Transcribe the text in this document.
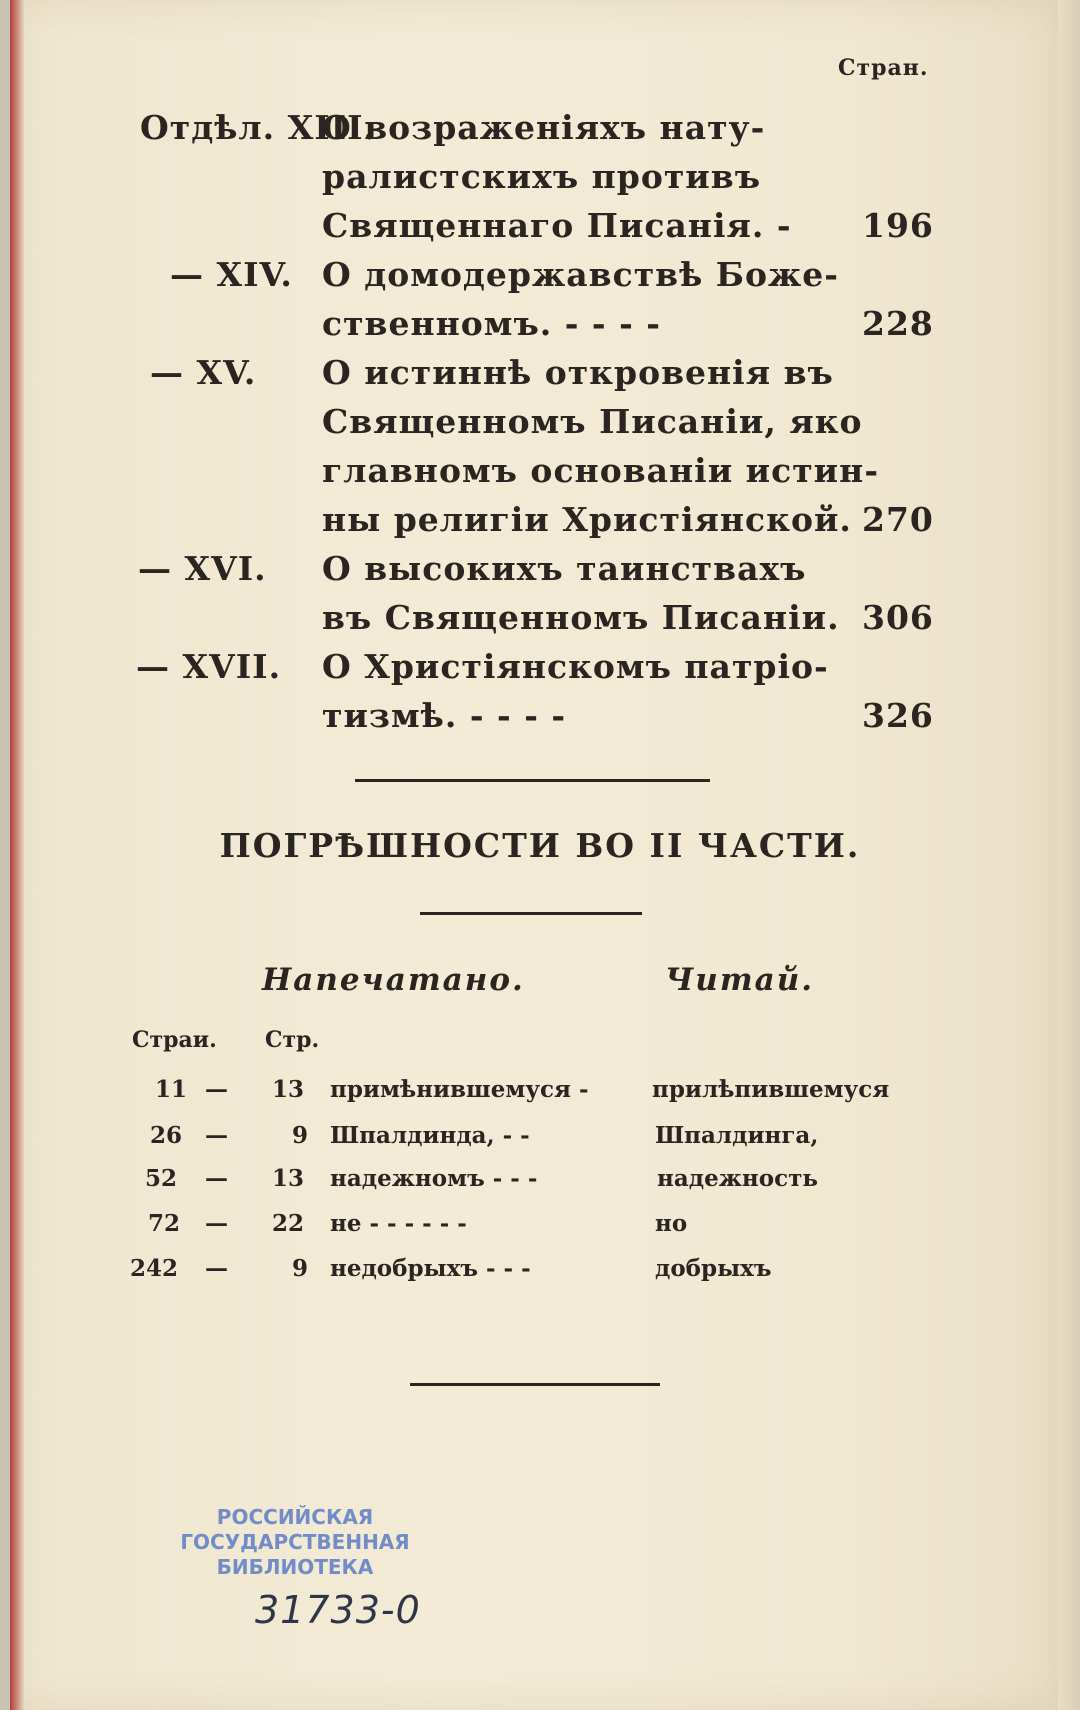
Стран.
Отдѣл. XIII.
О возраженіяхъ нату-
ралистскихъ противъ
Священнаго Писанія. - 196
— XIV. О домодержавствѣ Боже-
ственномъ. - - - -	228
— XV. О истиннѣ откровенія въ
Священномъ Писаніи, яко
главномъ основаніи истин-
ны религіи Христіянской. 270
— XVI. О высокихъ таинствахъ
въ Священномъ Писаніи. 306
— XVII. О Христіянскомъ патріо-
тизмѣ. - - - -	326
ПОГРѢШНОСТИ ВО II ЧАСТИ.
Напечатано.	Читай.
Страи. Стр.
11 — 13 примѣнившемуся -	прилѣпившемуся
26 —	9 Шпалдинда, - -	Шпалдинга,
52 — 13 надежномъ - - -	надежность
72 — 22 не - - - - - -	но
242 —	9 недобрыхъ - - -	добрыхъ
РОССИЙСКАЯ
ГОСУДАРСТВЕННАЯ
БИБЛИОТЕКА
31733-0
